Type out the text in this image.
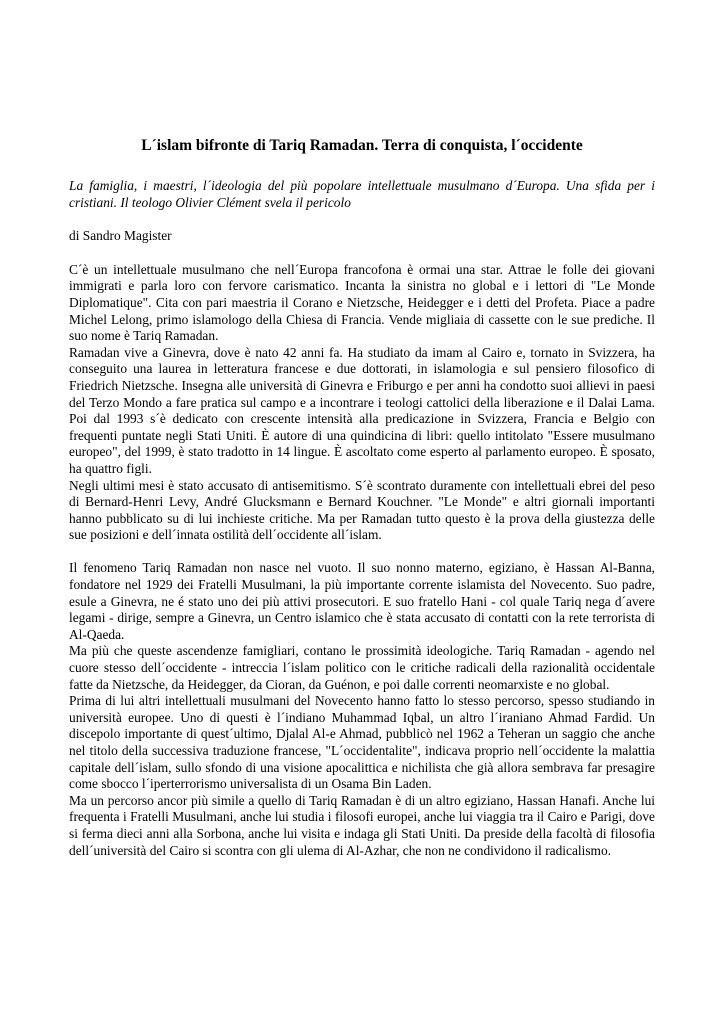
L´islam bifronte di Tariq Ramadan. Terra di conquista, l´occidente
La famiglia, i maestri, l´ideologia del più popolare intellettuale musulmano d´Europa. Una sfida per i cristiani. Il teologo Olivier Clément svela il pericolo
di Sandro Magister

C´è un intellettuale musulmano che nell´Europa francofona è ormai una star. Attrae le folle dei giovani immigrati e parla loro con fervore carismatico. Incanta la sinistra no global e i lettori di "Le Monde Diplomatique". Cita con pari maestria il Corano e Nietzsche, Heidegger e i detti del Profeta. Piace a padre Michel Lelong, primo islamologo della Chiesa di Francia. Vende migliaia di cassette con le sue prediche. Il suo nome è Tariq Ramadan.

Ramadan vive a Ginevra, dove è nato 42 anni fa. Ha studiato da imam al Cairo e, tornato in Svizzera, ha conseguito una laurea in letteratura francese e due dottorati, in islamologia e sul pensiero filosofico di Friedrich Nietzsche. Insegna alle università di Ginevra e Friburgo e per anni ha condotto suoi allievi in paesi del Terzo Mondo a fare pratica sul campo e a incontrare i teologi cattolici della liberazione e il Dalai Lama. Poi dal 1993 s´è dedicato con crescente intensità alla predicazione in Svizzera, Francia e Belgio con frequenti puntate negli Stati Uniti. È autore di una quindicina di libri: quello intitolato "Essere musulmano europeo", del 1999, è stato tradotto in 14 lingue. È ascoltato come esperto al parlamento europeo. È sposato, ha quattro figli.

Negli ultimi mesi è stato accusato di antisemitismo. S´è scontrato duramente con intellettuali ebrei del peso di Bernard-Henri Levy, André Glucksmann e Bernard Kouchner. "Le Monde" e altri giornali importanti hanno pubblicato su di lui inchieste critiche. Ma per Ramadan tutto questo è la prova della giustezza delle sue posizioni e dell´innata ostilità dell´occidente all´islam.

Il fenomeno Tariq Ramadan non nasce nel vuoto. Il suo nonno materno, egiziano, è Hassan Al-Banna, fondatore nel 1929 dei Fratelli Musulmani, la più importante corrente islamista del Novecento. Suo padre, esule a Ginevra, ne é stato uno dei più attivi prosecutori. E suo fratello Hani - col quale Tariq nega d´avere legami - dirige, sempre a Ginevra, un Centro islamico che è stata accusato di contatti con la rete terrorista di Al-Qaeda.

Ma più che queste ascendenze famigliari, contano le prossimità ideologiche. Tariq Ramadan - agendo nel cuore stesso dell´occidente - intreccia l´islam politico con le critiche radicali della razionalità occidentale fatte da Nietzsche, da Heidegger, da Cioran, da Guénon, e poi dalle correnti neomarxiste e no global.

Prima di lui altri intellettuali musulmani del Novecento hanno fatto lo stesso percorso, spesso studiando in università europee. Uno di questi è l´indiano Muhammad Iqbal, un altro l´iraniano Ahmad Fardid. Un discepolo importante di quest´ultimo, Djalal Al-e Ahmad, pubblicò nel 1962 a Teheran un saggio che anche nel titolo della successiva traduzione francese, "L´occidentalite", indicava proprio nell´occidente la malattia capitale dell´islam, sullo sfondo di una visione apocalittica e nichilista che già allora sembrava far presagire come sbocco l´iperterrorismo universalista di un Osama Bin Laden.

Ma un percorso ancor più simile a quello di Tariq Ramadan è di un altro egiziano, Hassan Hanafi. Anche lui frequenta i Fratelli Musulmani, anche lui studia i filosofi europei, anche lui viaggia tra il Cairo e Parigi, dove si ferma dieci anni alla Sorbona, anche lui visita e indaga gli Stati Uniti. Da preside della facoltà di filosofia dell´università del Cairo si scontra con gli ulema di Al-Azhar, che non ne condividono il radicalismo.
